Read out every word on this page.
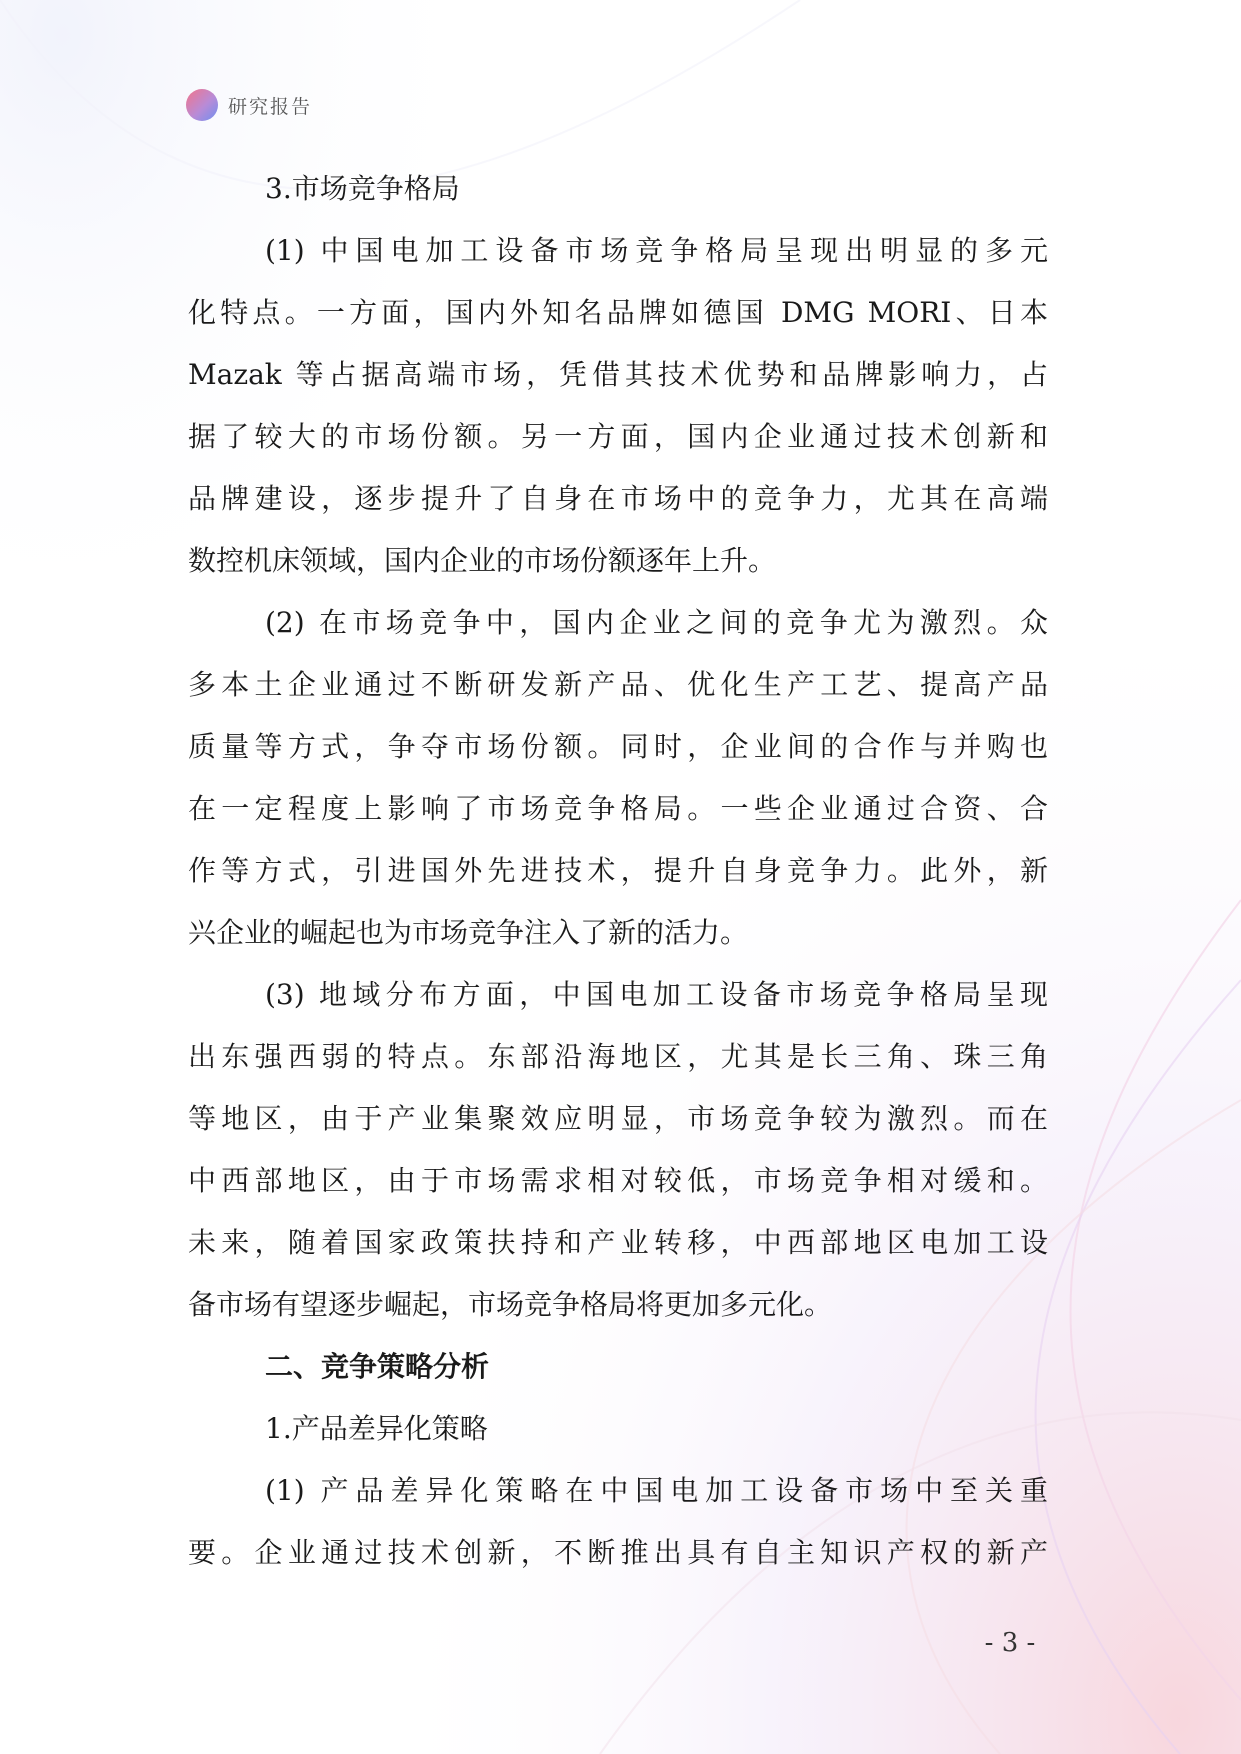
研究报告
3.市场竞争格局
(1) 中国电加工设备市场竞争格局呈现出明显的多元
化特点。一方面，国内外知名品牌如德国 DMG MORI、日本
Mazak 等占据高端市场，凭借其技术优势和品牌影响力，占
据了较大的市场份额。另一方面，国内企业通过技术创新和
品牌建设，逐步提升了自身在市场中的竞争力，尤其在高端
数控机床领域，国内企业的市场份额逐年上升。
(2) 在市场竞争中，国内企业之间的竞争尤为激烈。众
多本土企业通过不断研发新产品、优化生产工艺、提高产品
质量等方式，争夺市场份额。同时，企业间的合作与并购也
在一定程度上影响了市场竞争格局。一些企业通过合资、合
作等方式，引进国外先进技术，提升自身竞争力。此外，新
兴企业的崛起也为市场竞争注入了新的活力。
(3) 地域分布方面，中国电加工设备市场竞争格局呈现
出东强西弱的特点。东部沿海地区，尤其是长三角、珠三角
等地区，由于产业集聚效应明显，市场竞争较为激烈。而在
中西部地区，由于市场需求相对较低，市场竞争相对缓和。
未来，随着国家政策扶持和产业转移，中西部地区电加工设
备市场有望逐步崛起，市场竞争格局将更加多元化。
二、竞争策略分析
1.产品差异化策略
(1) 产品差异化策略在中国电加工设备市场中至关重
要。企业通过技术创新，不断推出具有自主知识产权的新产
- 3 -
